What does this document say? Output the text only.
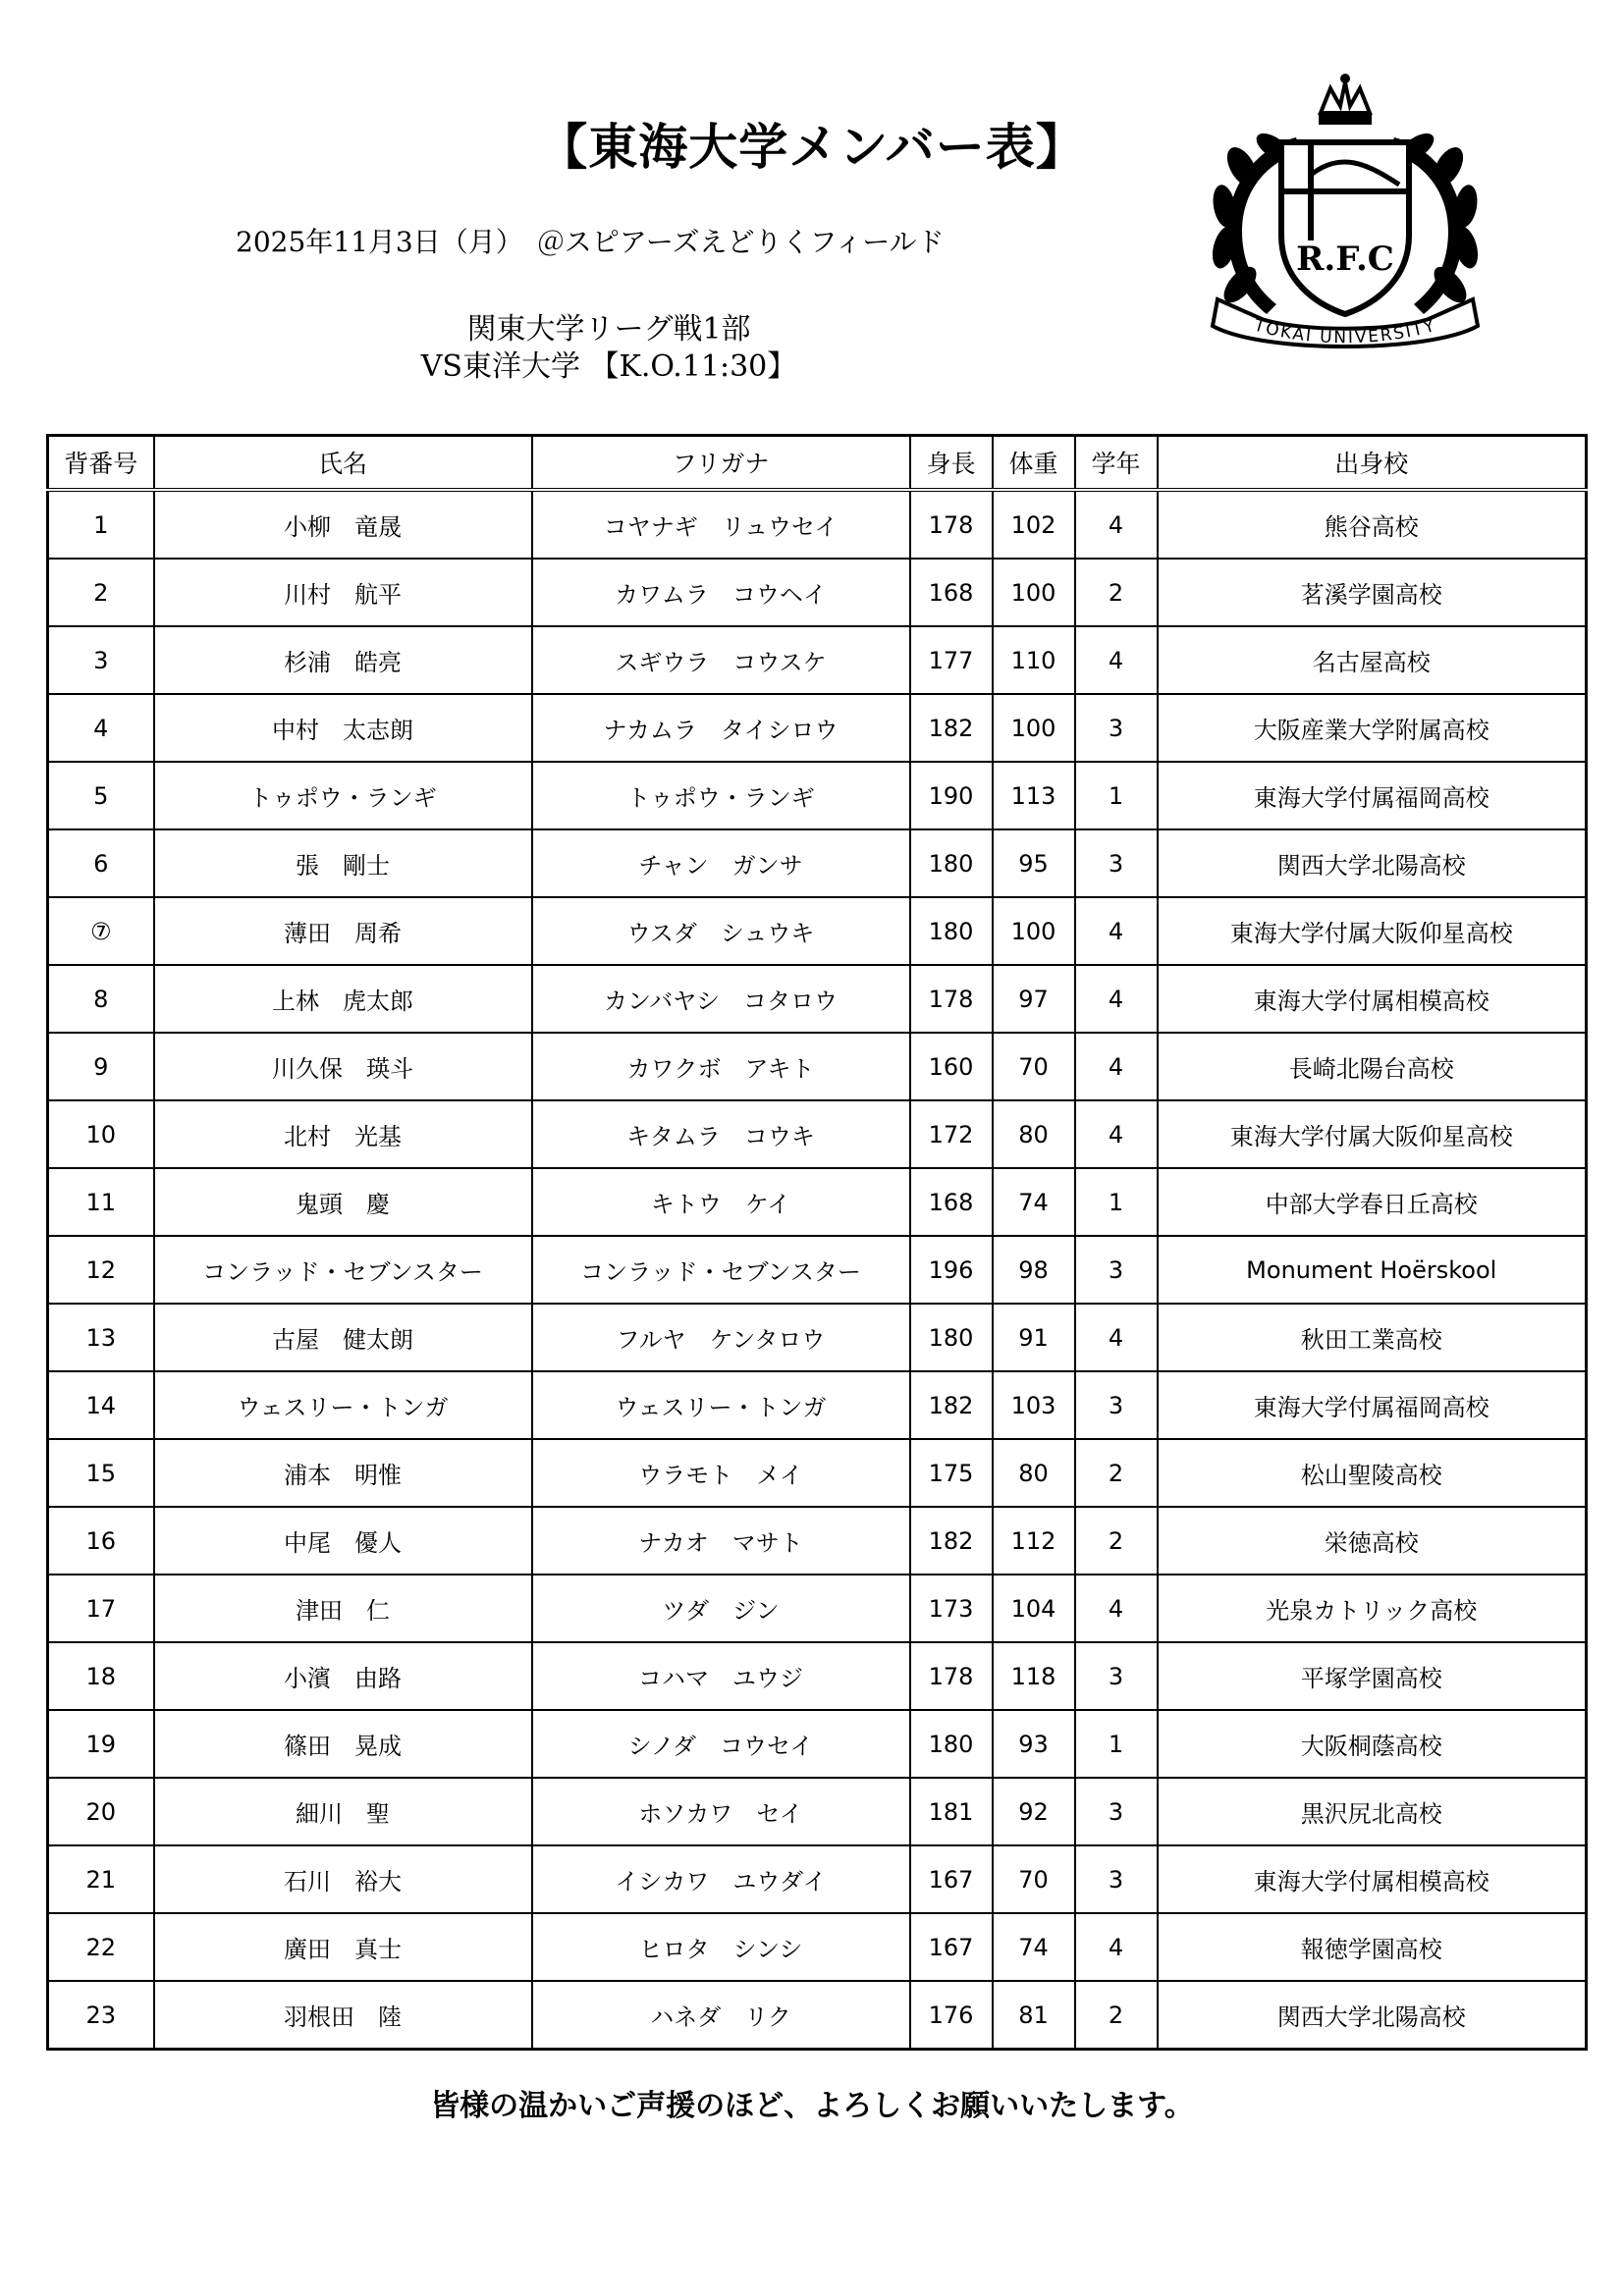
【東海大学メンバー表】
2025年11月3日（月）　＠スピアーズえどりくフィールド
関東大学リーグ戦1部
VS東洋大学 【K.O.11:30】
R.F.C
TOKAI UNIVERSITY
背番号	氏名	フリガナ	身長	体重	学年	出身校
1	小柳　竜晟	コヤナギ　リュウセイ	178	102	4	熊谷高校
2	川村　航平	カワムラ　コウヘイ	168	100	2	茗溪学園高校
3	杉浦　皓亮	スギウラ　コウスケ	177	110	4	名古屋高校
4	中村　太志朗	ナカムラ　タイシロウ	182	100	3	大阪産業大学附属高校
5	トゥポウ・ランギ	トゥポウ・ランギ	190	113	1	東海大学付属福岡高校
6	張　剛士	チャン　ガンサ	180	95	3	関西大学北陽高校
⑦	薄田　周希	ウスダ　シュウキ	180	100	4	東海大学付属大阪仰星高校
8	上林　虎太郎	カンバヤシ　コタロウ	178	97	4	東海大学付属相模高校
9	川久保　瑛斗	カワクボ　アキト	160	70	4	長崎北陽台高校
10	北村　光基	キタムラ　コウキ	172	80	4	東海大学付属大阪仰星高校
11	鬼頭　慶	キトウ　ケイ	168	74	1	中部大学春日丘高校
12	コンラッド・セブンスター	コンラッド・セブンスター	196	98	3	Monument Hoërskool
13	古屋　健太朗	フルヤ　ケンタロウ	180	91	4	秋田工業高校
14	ウェスリー・トンガ	ウェスリー・トンガ	182	103	3	東海大学付属福岡高校
15	浦本　明惟	ウラモト　メイ	175	80	2	松山聖陵高校
16	中尾　優人	ナカオ　マサト	182	112	2	栄徳高校
17	津田　仁	ツダ　ジン	173	104	4	光泉カトリック高校
18	小濱　由路	コハマ　ユウジ	178	118	3	平塚学園高校
19	篠田　晃成	シノダ　コウセイ	180	93	1	大阪桐蔭高校
20	細川　聖	ホソカワ　セイ	181	92	3	黒沢尻北高校
21	石川　裕大	イシカワ　ユウダイ	167	70	3	東海大学付属相模高校
22	廣田　真士	ヒロタ　シンシ	167	74	4	報徳学園高校
23	羽根田　陸	ハネダ　リク	176	81	2	関西大学北陽高校
皆様の温かいご声援のほど、よろしくお願いいたします。
